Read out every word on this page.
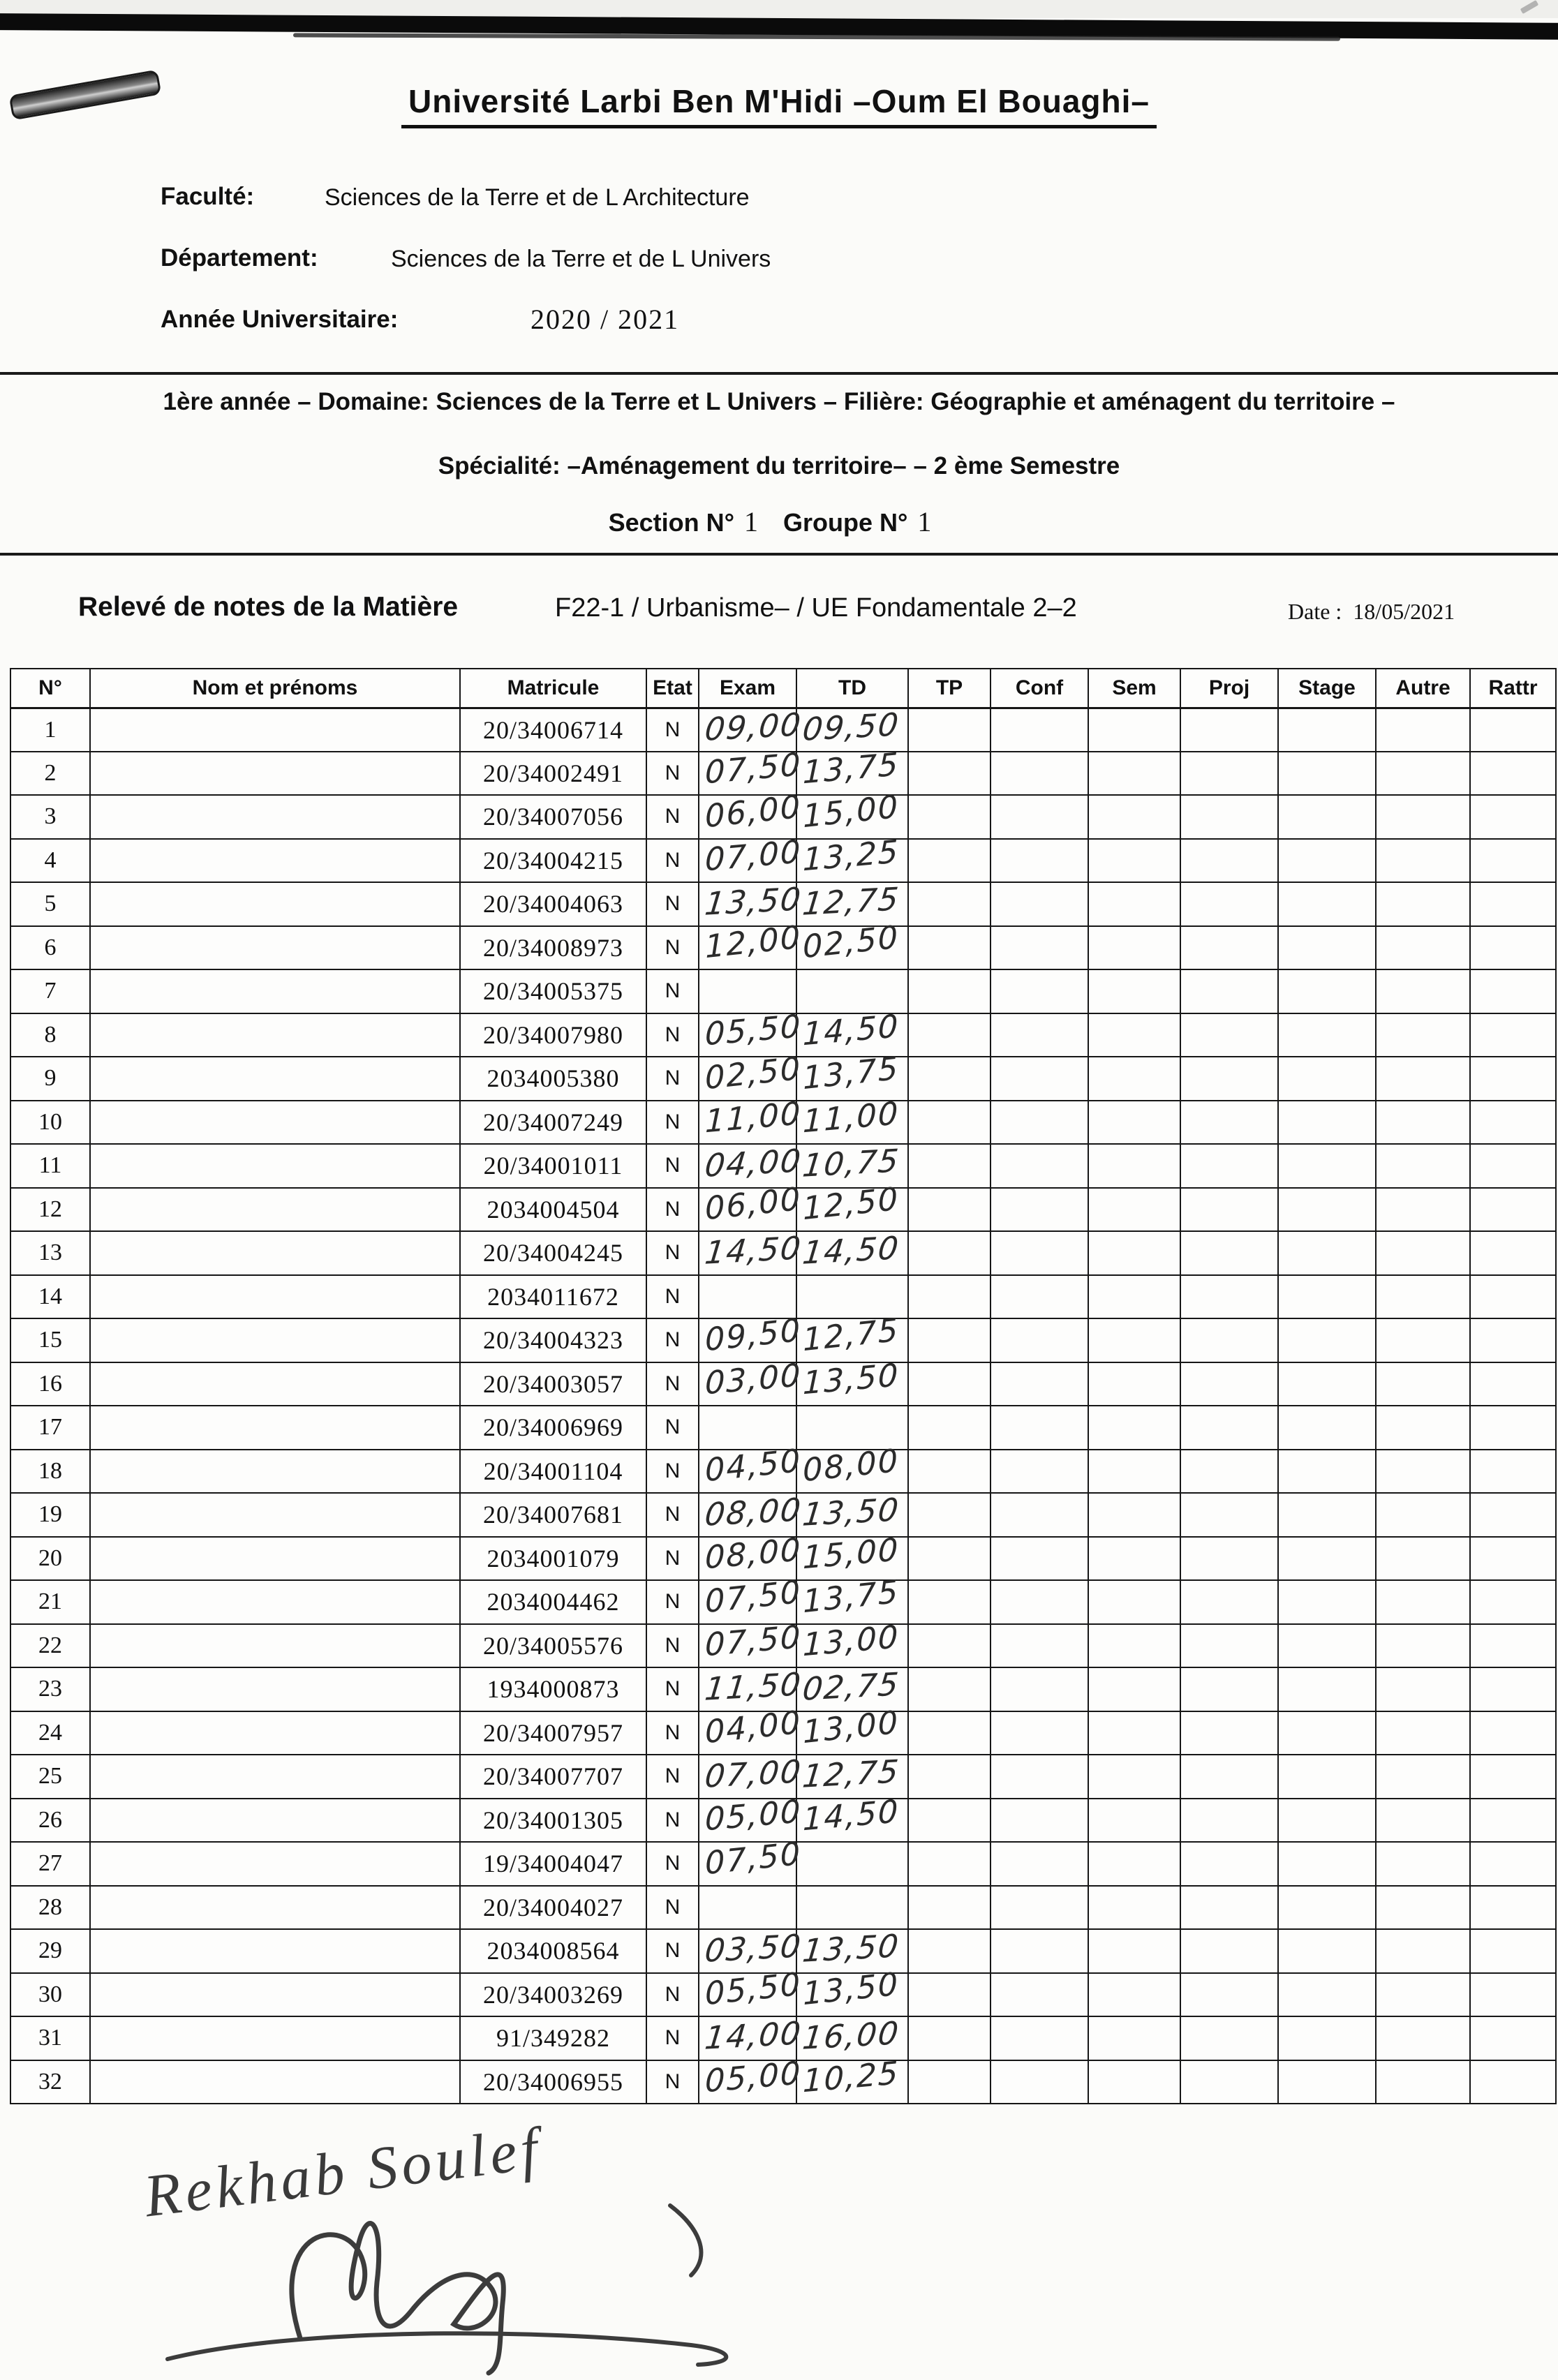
Université Larbi Ben M'Hidi –Oum El Bouaghi–
Faculté:	Sciences de la Terre et de L Architecture
Département:	Sciences de la Terre et de L Univers
Année Universitaire:	2020 / 2021
1ère année – Domaine: Sciences de la Terre et L Univers – Filière: Géographie et aménagent du territoire –
Spécialité: –Aménagement du territoire– – 2 ème Semestre
Section N° 1 Groupe N° 1
Relevé de notes de la Matière	F22-1 / Urbanisme– / UE Fondamentale 2–2	Date : 18/05/2021
N°	Nom et prénoms	Matricule	Etat	Exam	TD	TP	Conf	Sem	Proj	Stage	Autre	Rattr
1		20/34006714	N	09,00	09,50							
2		20/34002491	N	07,50	13,75							
3		20/34007056	N	06,00	15,00							
4		20/34004215	N	07,00	13,25							
5		20/34004063	N	13,50	12,75							
6		20/34008973	N	12,00	02,50							
7		20/34005375	N									
8		20/34007980	N	05,50	14,50							
9		2034005380	N	02,50	13,75							
10		20/34007249	N	11,00	11,00							
11		20/34001011	N	04,00	10,75							
12		2034004504	N	06,00	12,50							
13		20/34004245	N	14,50	14,50							
14		2034011672	N									
15		20/34004323	N	09,50	12,75							
16		20/34003057	N	03,00	13,50							
17		20/34006969	N									
18		20/34001104	N	04,50	08,00							
19		20/34007681	N	08,00	13,50							
20		2034001079	N	08,00	15,00							
21		2034004462	N	07,50	13,75							
22		20/34005576	N	07,50	13,00							
23		1934000873	N	11,50	02,75							
24		20/34007957	N	04,00	13,00							
25		20/34007707	N	07,00	12,75							
26		20/34001305	N	05,00	14,50							
27		19/34004047	N	07,50								
28		20/34004027	N									
29		2034008564	N	03,50	13,50							
30		20/34003269	N	05,50	13,50							
31		91/349282	N	14,00	16,00							
32		20/34006955	N	05,00	10,25							
Rekhab Soulef
